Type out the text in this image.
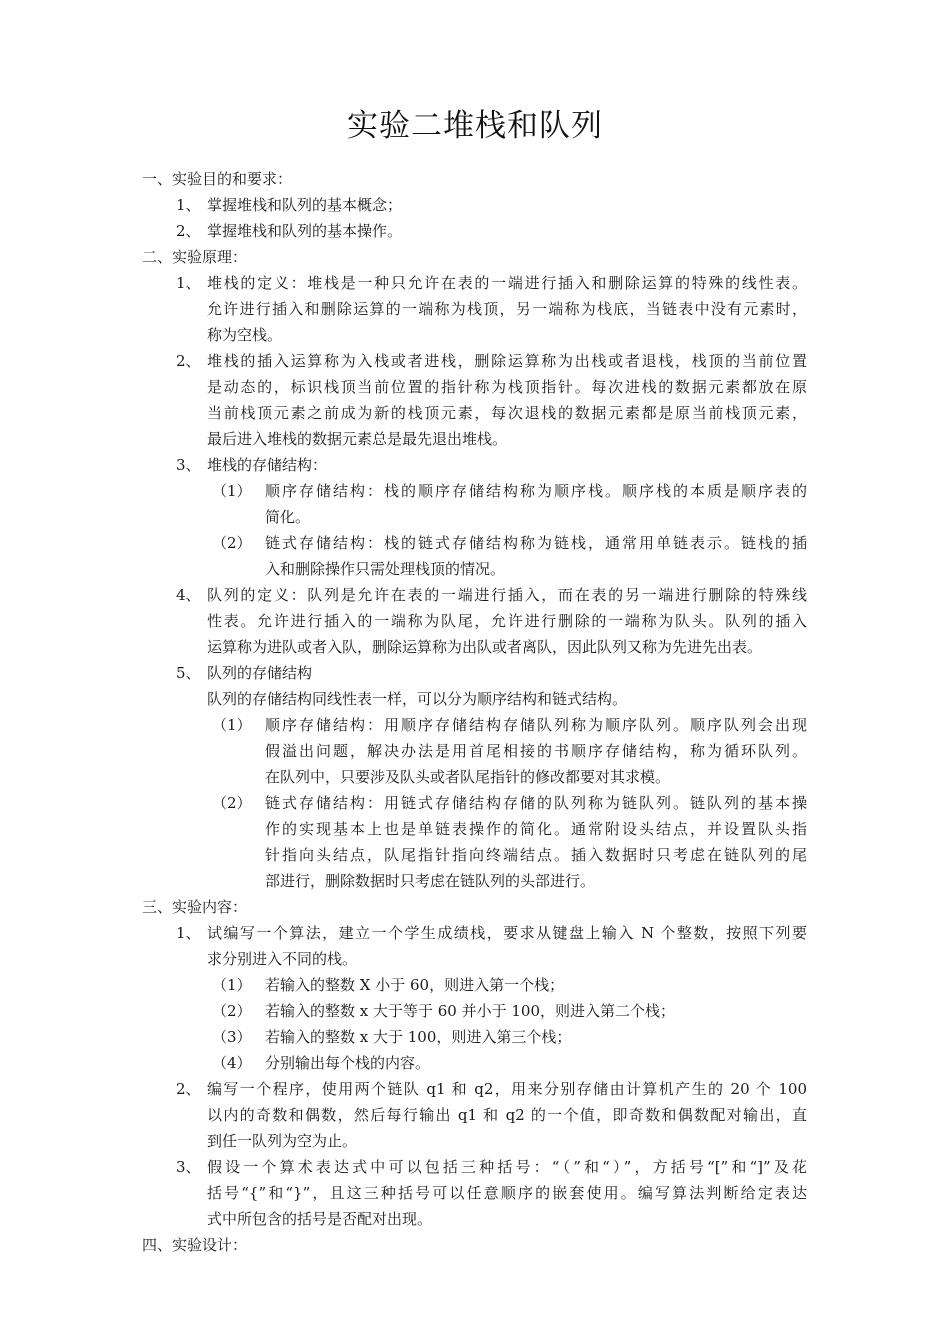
实验二堆栈和队列
一、实验目的和要求：
1、 掌握堆栈和队列的基本概念；
2、 掌握堆栈和队列的基本操作。
二、实验原理：
1、 堆栈的定义：堆栈是一种只允许在表的一端进行插入和删除运算的特殊的线性表。
允许进行插入和删除运算的一端称为栈顶，另一端称为栈底，当链表中没有元素时，
称为空栈。
2、 堆栈的插入运算称为入栈或者进栈，删除运算称为出栈或者退栈，栈顶的当前位置
是动态的，标识栈顶当前位置的指针称为栈顶指针。每次进栈的数据元素都放在原
当前栈顶元素之前成为新的栈顶元素，每次退栈的数据元素都是原当前栈顶元素，
最后进入堆栈的数据元素总是最先退出堆栈。
3、 堆栈的存储结构：
（1） 顺序存储结构：栈的顺序存储结构称为顺序栈。顺序栈的本质是顺序表的
简化。
（2） 链式存储结构：栈的链式存储结构称为链栈，通常用单链表示。链栈的插
入和删除操作只需处理栈顶的情况。
4、 队列的定义：队列是允许在表的一端进行插入，而在表的另一端进行删除的特殊线
性表。允许进行插入的一端称为队尾，允许进行删除的一端称为队头。队列的插入
运算称为进队或者入队，删除运算称为出队或者离队，因此队列又称为先进先出表。
5、 队列的存储结构
队列的存储结构同线性表一样，可以分为顺序结构和链式结构。
（1） 顺序存储结构：用顺序存储结构存储队列称为顺序队列。顺序队列会出现
假溢出问题，解决办法是用首尾相接的书顺序存储结构，称为循环队列。
在队列中，只要涉及队头或者队尾指针的修改都要对其求模。
（2） 链式存储结构：用链式存储结构存储的队列称为链队列。链队列的基本操
作的实现基本上也是单链表操作的简化。通常附设头结点，并设置队头指
针指向头结点，队尾指针指向终端结点。插入数据时只考虑在链队列的尾
部进行，删除数据时只考虑在链队列的头部进行。
三、实验内容：
1、 试编写一个算法，建立一个学生成绩栈，要求从键盘上输入 N 个整数，按照下列要
求分别进入不同的栈。
（1） 若输入的整数 X 小于 60，则进入第一个栈；
（2） 若输入的整数 x 大于等于 60 并小于 100，则进入第二个栈；
（3） 若输入的整数 x 大于 100，则进入第三个栈；
（4） 分别输出每个栈的内容。
2、 编写一个程序，使用两个链队 q1 和 q2，用来分别存储由计算机产生的 20 个 100
以内的奇数和偶数，然后每行输出 q1 和 q2 的一个值，即奇数和偶数配对输出，直
到任一队列为空为止。
3、 假设一个算术表达式中可以包括三种括号：“（”和“）”，方括号“[”和“]”及花
括号“{”和“}”，且这三种括号可以任意顺序的嵌套使用。编写算法判断给定表达
式中所包含的括号是否配对出现。
四、实验设计：
